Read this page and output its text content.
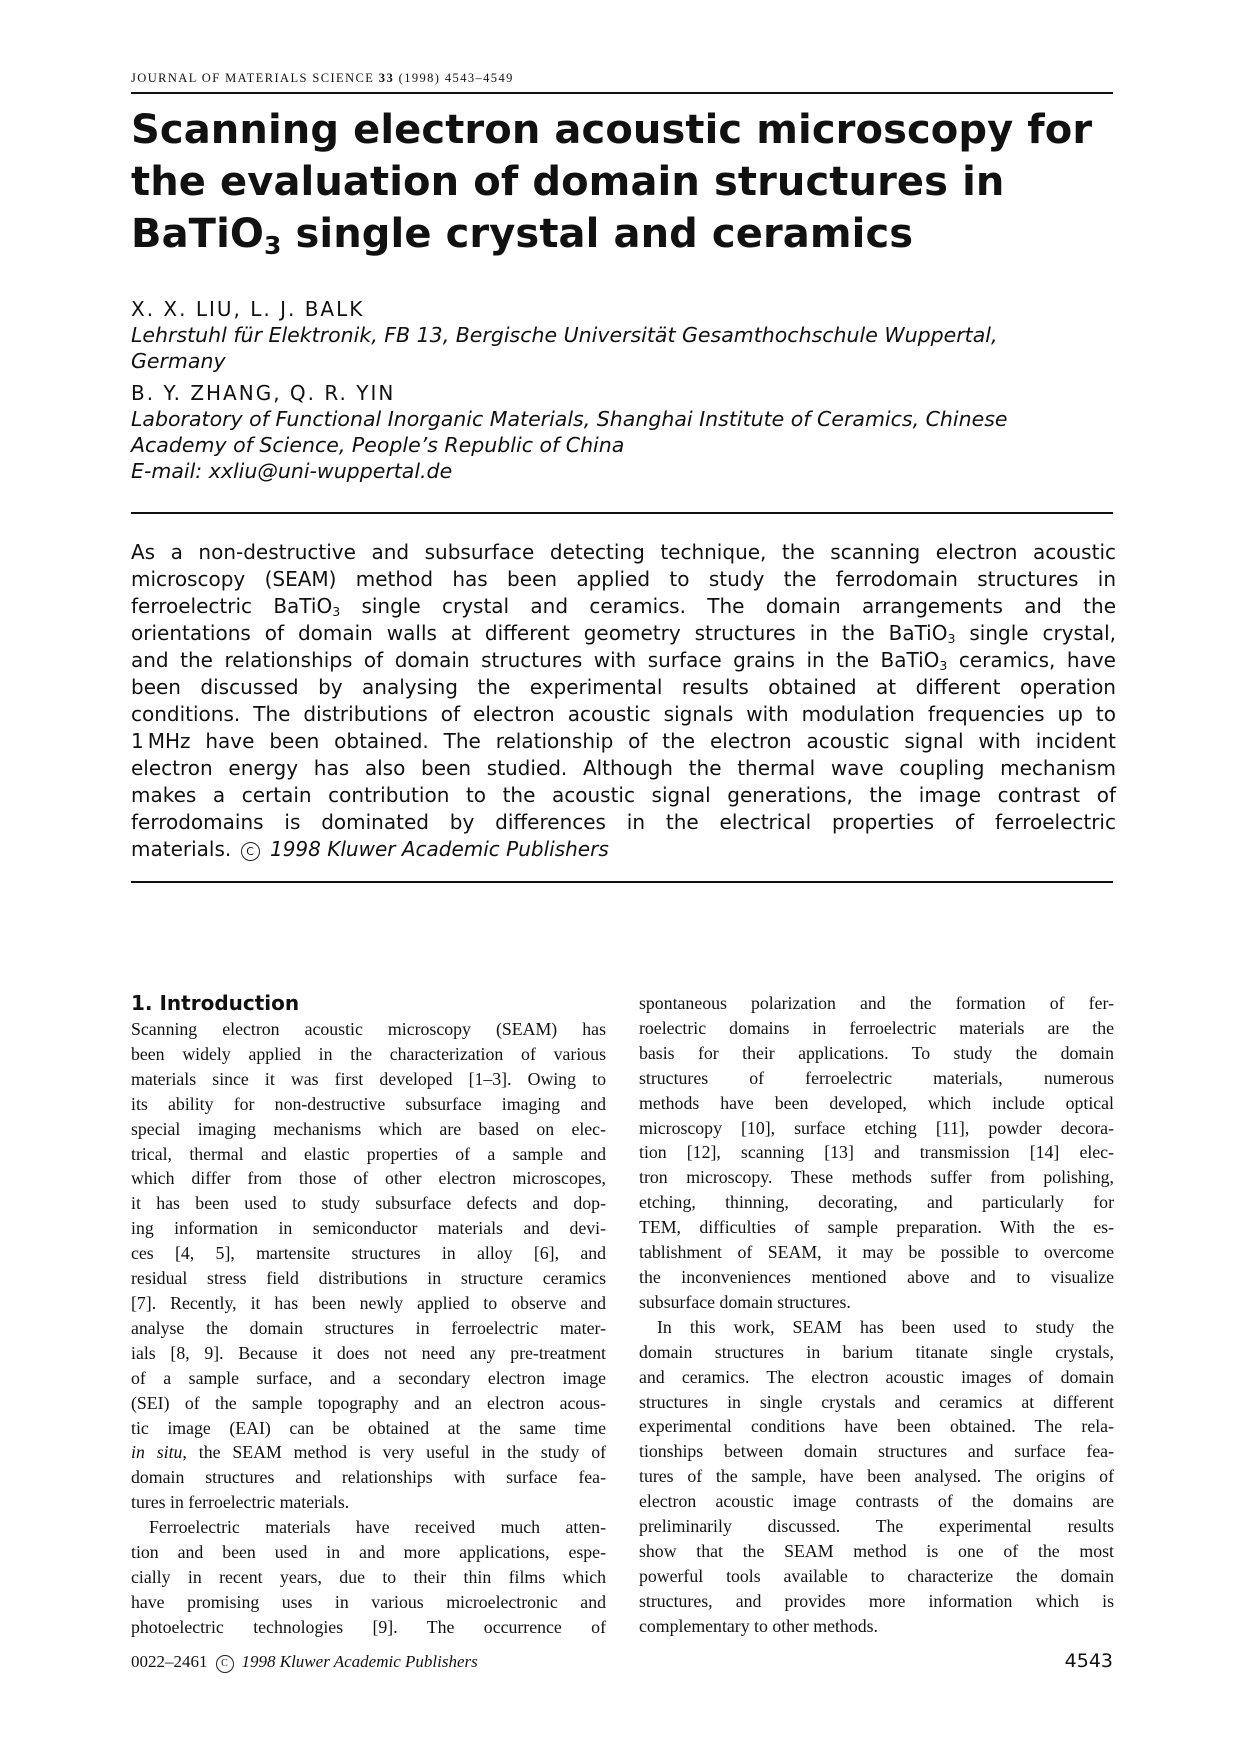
JOURNAL OF MATERIALS SCIENCE 33 (1998) 4543–4549
Scanning electron acoustic microscopy for the evaluation of domain structures in BaTiO$_3$ single crystal and ceramics
X. X. LIU, L. J. BALK
Lehrstuhl für Elektronik, FB 13, Bergische Universität Gesamthochschule Wuppertal,
Germany
B. Y. ZHANG, Q. R. YIN
Laboratory of Functional Inorganic Materials, Shanghai Institute of Ceramics, Chinese
Academy of Science, People’s Republic of China
E-mail: xxliu@uni-wuppertal.de
As a non-destructive and subsurface detecting technique, the scanning electron acoustic
microscopy (SEAM) method has been applied to study the ferrodomain structures in
ferroelectric BaTiO$_3$ single crystal and ceramics. The domain arrangements and the
orientations of domain walls at different geometry structures in the BaTiO$_3$ single crystal,
and the relationships of domain structures with surface grains in the BaTiO$_3$ ceramics, have
been discussed by analysing the experimental results obtained at different operation
conditions. The distributions of electron acoustic signals with modulation frequencies up to
1 MHz have been obtained. The relationship of the electron acoustic signal with incident
electron energy has also been studied. Although the thermal wave coupling mechanism
makes a certain contribution to the acoustic signal generations, the image contrast of
ferrodomains is dominated by differences in the electrical properties of ferroelectric
materials. C 1998 Kluwer Academic Publishers
1. Introduction
Scanning electron acoustic microscopy (SEAM) has
been widely applied in the characterization of various
materials since it was first developed [1–3]. Owing to
its ability for non-destructive subsurface imaging and
special imaging mechanisms which are based on elec-
trical, thermal and elastic properties of a sample and
which differ from those of other electron microscopes,
it has been used to study subsurface defects and dop-
ing information in semiconductor materials and devi-
ces [4, 5], martensite structures in alloy [6], and
residual stress field distributions in structure ceramics
[7]. Recently, it has been newly applied to observe and
analyse the domain structures in ferroelectric mater-
ials [8, 9]. Because it does not need any pre-treatment
of a sample surface, and a secondary electron image
(SEI) of the sample topography and an electron acous-
tic image (EAI) can be obtained at the same time
in situ, the SEAM method is very useful in the study of
domain structures and relationships with surface fea-
tures in ferroelectric materials.
Ferroelectric materials have received much atten-
tion and been used in and more applications, espe-
cially in recent years, due to their thin films which
have promising uses in various microelectronic and
photoelectric technologies [9]. The occurrence of
spontaneous polarization and the formation of fer-
roelectric domains in ferroelectric materials are the
basis for their applications. To study the domain
structures of ferroelectric materials, numerous
methods have been developed, which include optical
microscopy [10], surface etching [11], powder decora-
tion [12], scanning [13] and transmission [14] elec-
tron microscopy. These methods suffer from polishing,
etching, thinning, decorating, and particularly for
TEM, difficulties of sample preparation. With the es-
tablishment of SEAM, it may be possible to overcome
the inconveniences mentioned above and to visualize
subsurface domain structures.
In this work, SEAM has been used to study the
domain structures in barium titanate single crystals,
and ceramics. The electron acoustic images of domain
structures in single crystals and ceramics at different
experimental conditions have been obtained. The rela-
tionships between domain structures and surface fea-
tures of the sample, have been analysed. The origins of
electron acoustic image contrasts of the domains are
preliminarily discussed. The experimental results
show that the SEAM method is one of the most
powerful tools available to characterize the domain
structures, and provides more information which is
complementary to other methods.
0022–2461 C 1998 Kluwer Academic Publishers	4543
